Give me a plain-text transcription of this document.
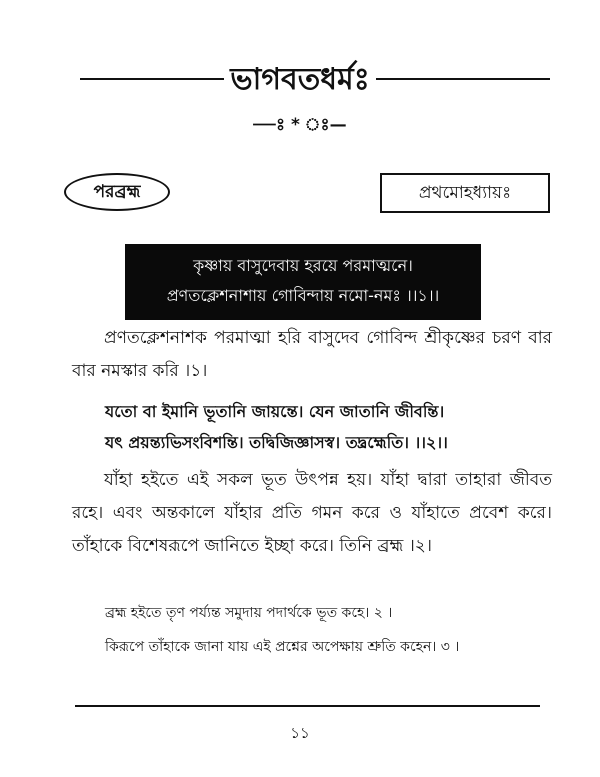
ভাগবতধর্মঃ
—ঃ * ঃ—
পরব্রহ্ম	প্রথমোহধ্যায়ঃ
কৃষ্ণায় বাসুদেবায় হরয়ে পরমাত্মনে।
প্রণতক্লেশনাশায় গোবিন্দায় নমো-নমঃ ।।১।।
প্রণতক্লেশনাশক পরমাত্মা হরি বাসুদেব গোবিন্দ শ্রীকৃষ্ণের চরণ বার বার নমস্কার করি ।১।
যতো বা ইমানি ভূতানি জায়ন্তে। যেন জাতানি জীবন্তি।
যৎ প্রয়ন্ত্যভিসংবিশন্তি। তদ্বিজিজ্ঞাসস্ব। তদ্ব্রহ্মেতি। ।।২।।
যাঁহা হইতে এই সকল ভূত উৎপন্ন হয়। যাঁহা দ্বারা তাহারা জীবত রহে। এবং অন্তকালে যাঁহার প্রতি গমন করে ও যাঁহাতে প্রবেশ করে। তাঁহাকে বিশেষরূপে জানিতে ইচ্ছা করে। তিনি ব্রহ্ম ।২।
ব্রহ্ম হইতে তৃণ পর্য্যন্ত সমুদায় পদার্থকে ভূত কহে। ২ ।
কিরূপে তাঁহাকে জানা যায় এই প্রশ্নের অপেক্ষায় শ্রুতি কহেন। ৩ ।
১১
